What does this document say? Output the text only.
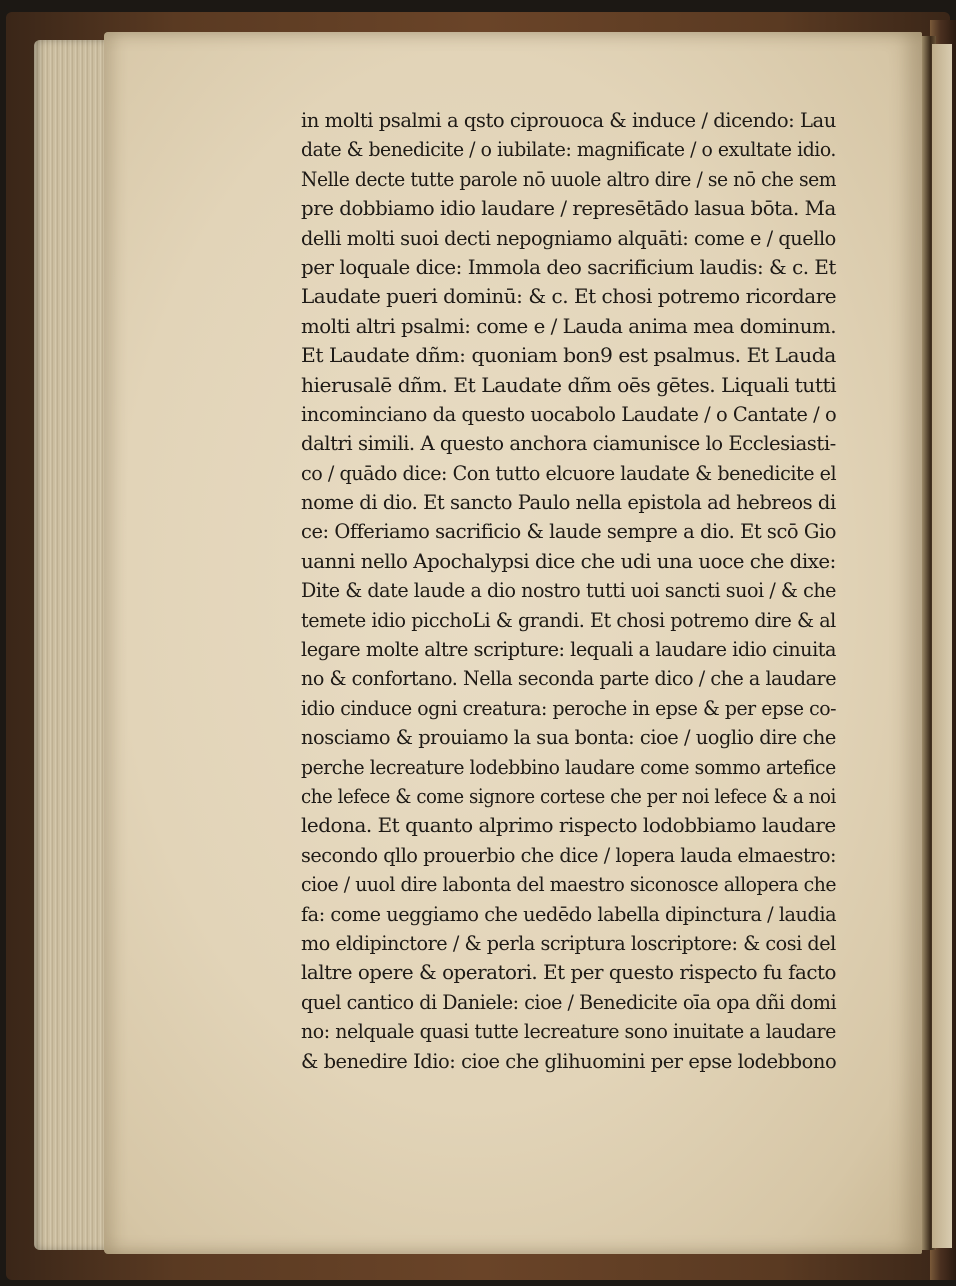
in molti psalmi a qsto ciprouoca & induce / dicendo: Lau
date & benedicite / o iubilate: magnificate / o exultate idio.
Nelle decte tutte parole nō uuole altro dire / se nō che sem
pre dobbiamo idio laudare / represētādo lasua bōta. Ma
delli molti suoi decti nepogniamo alquāti: come e / quello
per loquale dice: Immola deo sacrificium laudis: & c. Et
Laudate pueri dominū: & c. Et chosi potremo ricordare
molti altri psalmi: come e / Lauda anima mea dominum.
Et Laudate dñm: quoniam bon9 est psalmus. Et Lauda
hierusalē dñm. Et Laudate dñm oēs gētes. Liquali tutti
incominciano da questo uocabolo Laudate / o Cantate / o
daltri simili. A questo anchora ciamunisce lo Ecclesiasti-
co / quādo dice: Con tutto elcuore laudate & benedicite el
nome di dio. Et sancto Paulo nella epistola ad hebreos di
ce: Offeriamo sacrificio & laude sempre a dio. Et scō Gio
uanni nello Apochalypsi dice che udi una uoce che dixe:
Dite & date laude a dio nostro tutti uoi sancti suoi / & che
temete idio picchoLi & grandi. Et chosi potremo dire & al
legare molte altre scripture: lequali a laudare idio cinuita
no & confortano. Nella seconda parte dico / che a laudare
idio cinduce ogni creatura: peroche in epse & per epse co-
nosciamo & prouiamo la sua bonta: cioe / uoglio dire che
perche lecreature lodebbino laudare come sommo artefice
che lefece & come signore cortese che per noi lefece & a noi
ledona. Et quanto alprimo rispecto lodobbiamo laudare
secondo qllo prouerbio che dice / lopera lauda elmaestro:
cioe / uuol dire labonta del maestro siconosce allopera che
fa: come ueggiamo che uedēdo labella dipinctura / laudia
mo eldipinctore / & perla scriptura loscriptore: & cosi del
laltre opere & operatori. Et per questo rispecto fu facto
quel cantico di Daniele: cioe / Benedicite oīa opa dñi domi
no: nelquale quasi tutte lecreature sono inuitate a laudare
& benedire Idio: cioe che glihuomini per epse lodebbono
